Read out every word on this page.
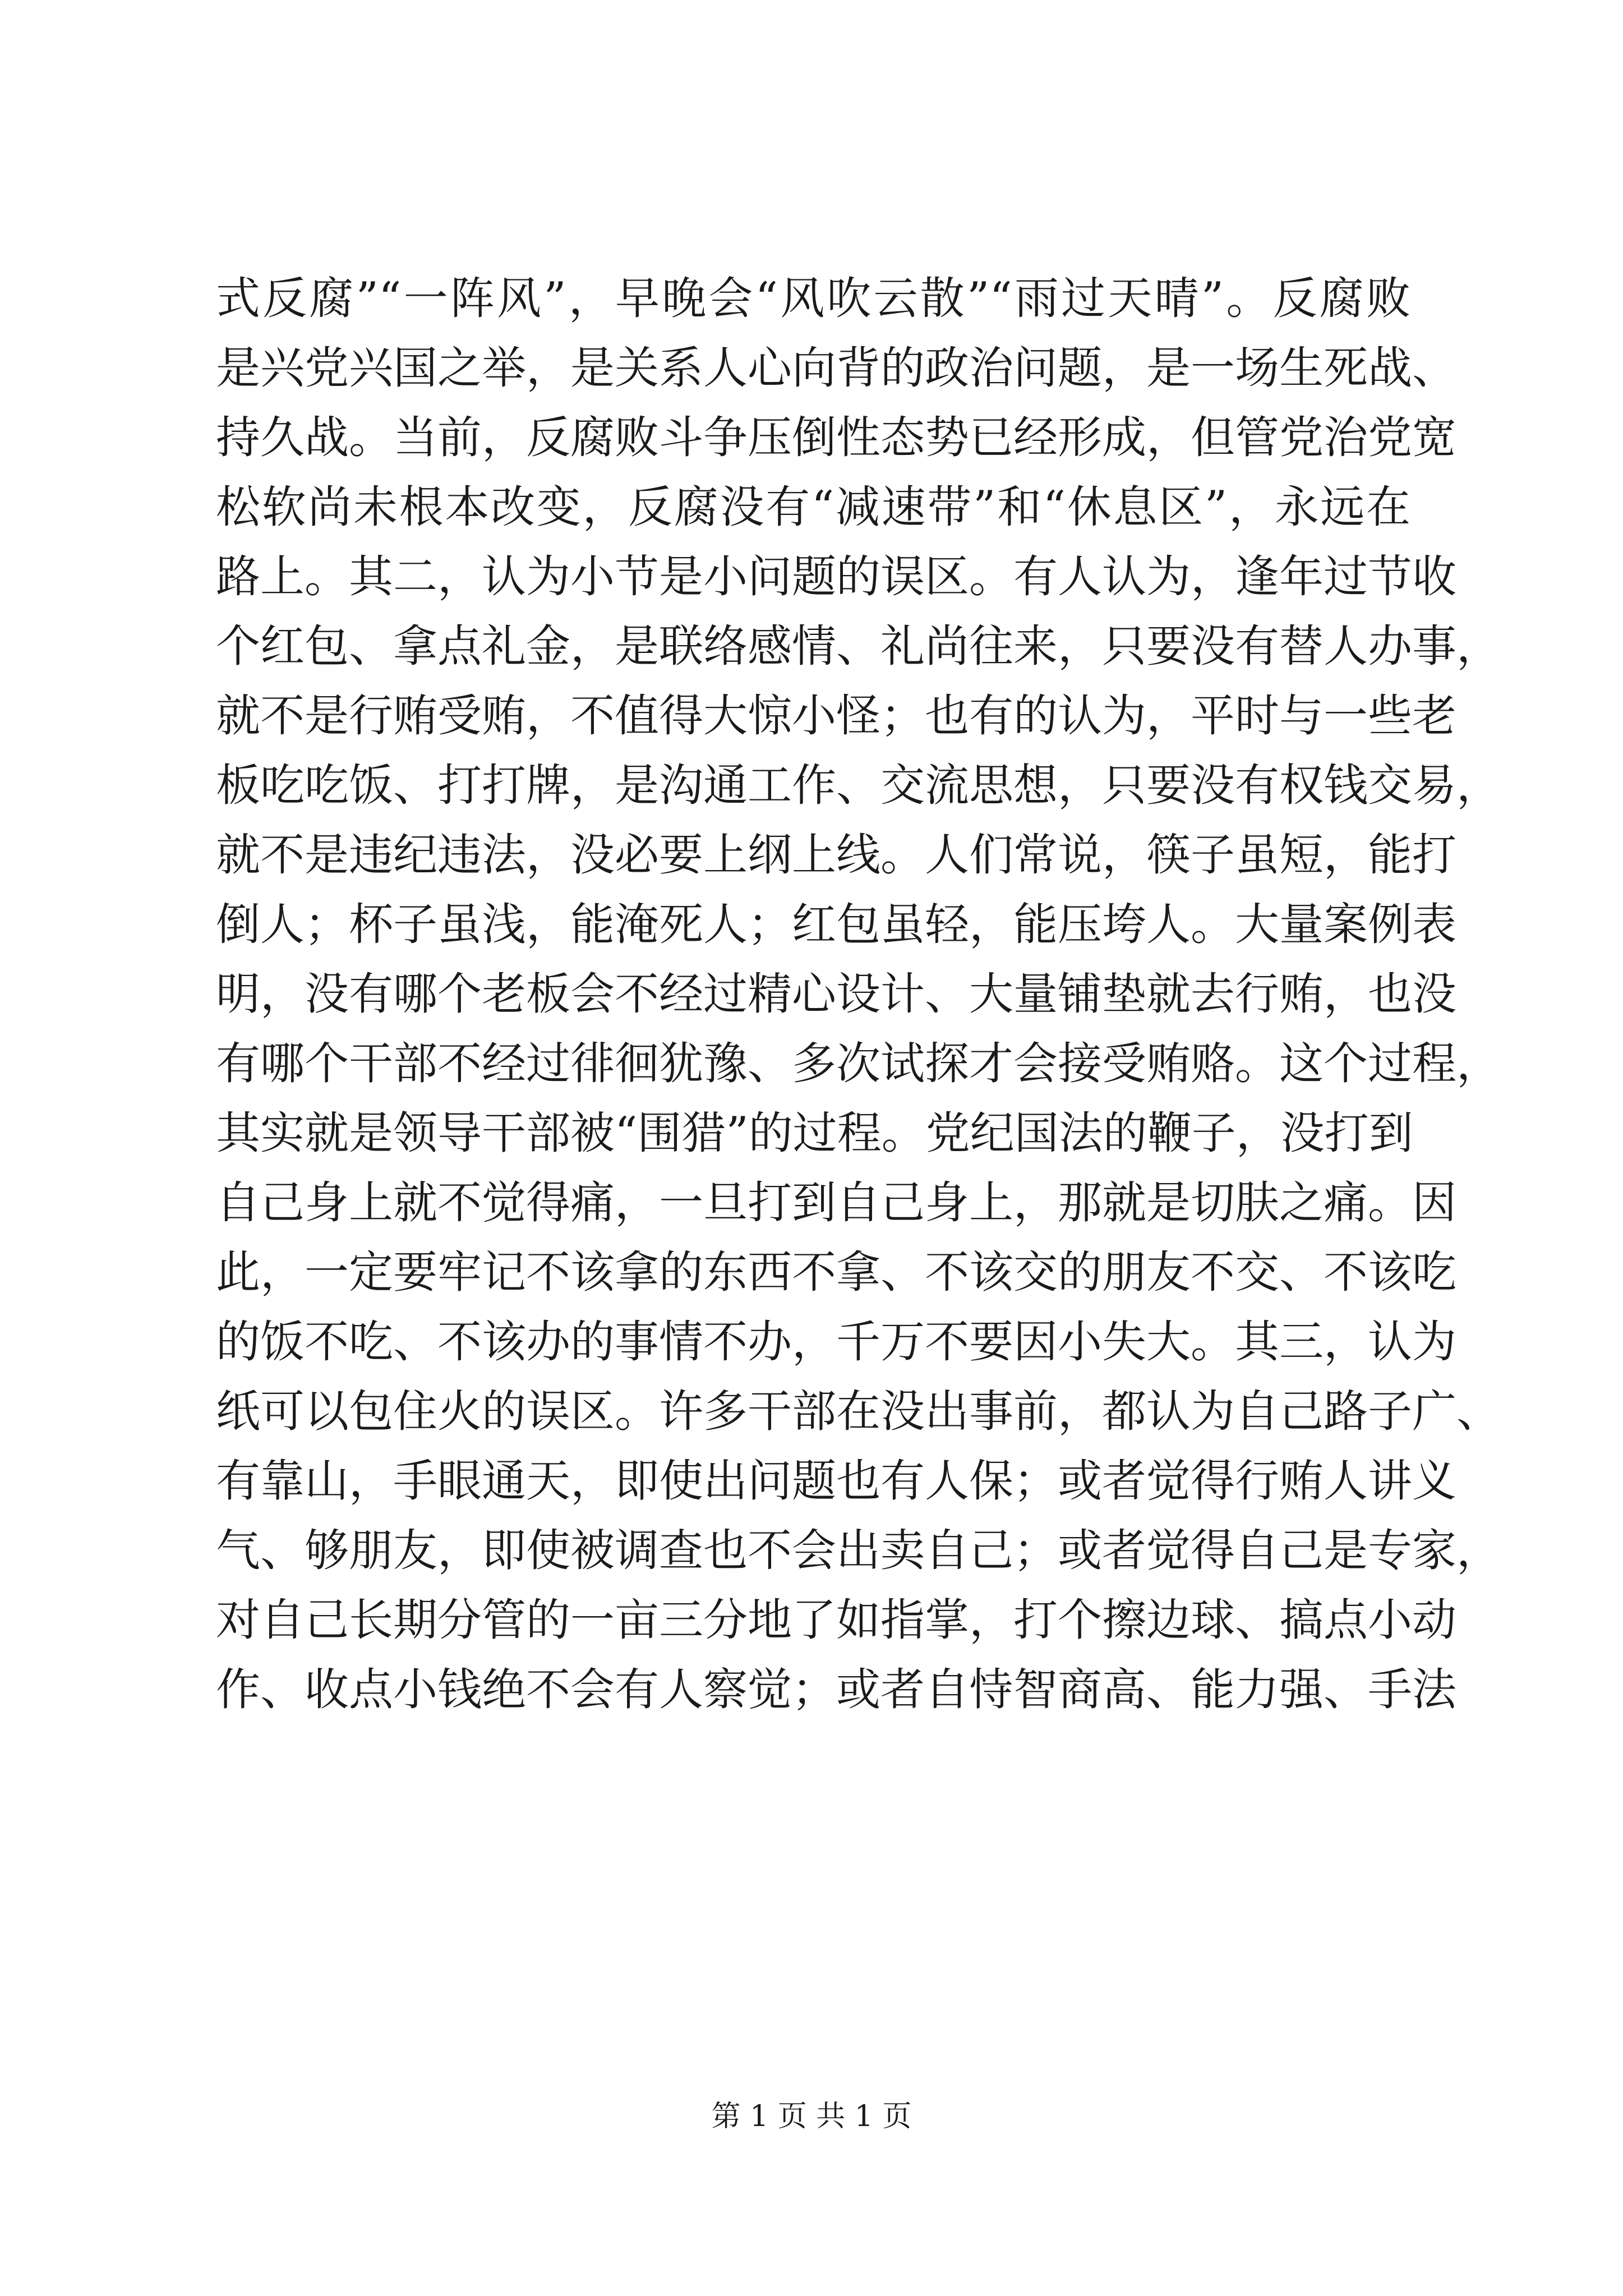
式反腐”“一阵风”，早晚会“风吹云散”“雨过天晴”。反腐败
是兴党兴国之举，是关系人心向背的政治问题，是一场生死战、
持久战。当前，反腐败斗争压倒性态势已经形成，但管党治党宽
松软尚未根本改变，反腐没有“减速带”和“休息区”，永远在
路上。其二，认为小节是小问题的误区。有人认为，逢年过节收
个红包、拿点礼金，是联络感情、礼尚往来，只要没有替人办事，
就不是行贿受贿，不值得大惊小怪；也有的认为，平时与一些老
板吃吃饭、打打牌，是沟通工作、交流思想，只要没有权钱交易，
就不是违纪违法，没必要上纲上线。人们常说，筷子虽短，能打
倒人；杯子虽浅，能淹死人；红包虽轻，能压垮人。大量案例表
明，没有哪个老板会不经过精心设计、大量铺垫就去行贿，也没
有哪个干部不经过徘徊犹豫、多次试探才会接受贿赂。这个过程，
其实就是领导干部被“围猎”的过程。党纪国法的鞭子，没打到
自己身上就不觉得痛，一旦打到自己身上，那就是切肤之痛。因
此，一定要牢记不该拿的东西不拿、不该交的朋友不交、不该吃
的饭不吃、不该办的事情不办，千万不要因小失大。其三，认为
纸可以包住火的误区。许多干部在没出事前，都认为自己路子广、
有靠山，手眼通天，即使出问题也有人保；或者觉得行贿人讲义
气、够朋友，即使被调查也不会出卖自己；或者觉得自己是专家，
对自己长期分管的一亩三分地了如指掌，打个擦边球、搞点小动
作、收点小钱绝不会有人察觉；或者自恃智商高、能力强、手法
第 1 页 共 1 页
